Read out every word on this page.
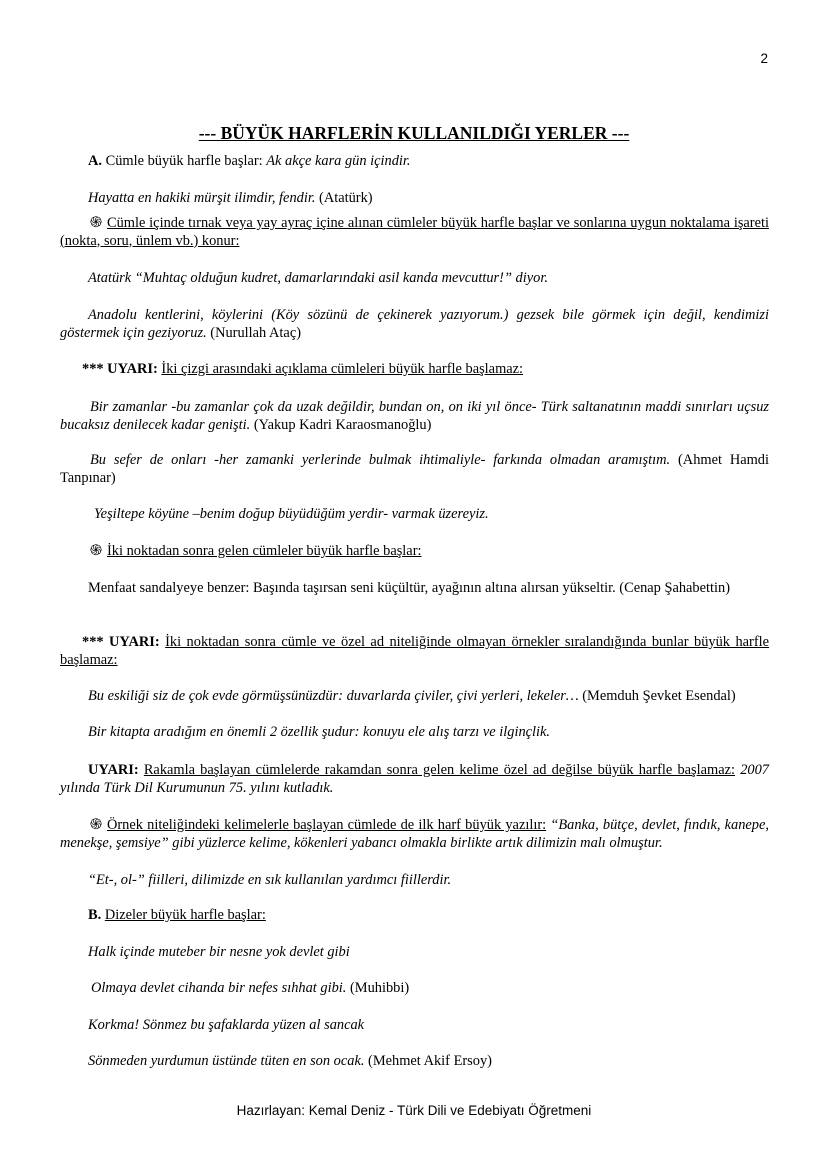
2
--- BÜYÜK HARFLERİN KULLANILDIĞI YERLER ---
A. Cümle büyük harfle başlar: Ak akçe kara gün içindir.
Hayatta en hakiki mürşit ilimdir, fendir. (Atatürk)
֍ Cümle içinde tırnak veya yay ayraç içine alınan cümleler büyük harfle başlar ve sonlarına uygun noktalama işareti (nokta, soru, ünlem vb.) konur:
Atatürk “Muhtaç olduğun kudret, damarlarındaki asil kanda mevcuttur!” diyor.
Anadolu kentlerini, köylerini (Köy sözünü de çekinerek yazıyorum.) gezsek bile görmek için değil, kendimizi göstermek için geziyoruz. (Nurullah Ataç)
*** UYARI: İki çizgi arasındaki açıklama cümleleri büyük harfle başlamaz:
Bir zamanlar -bu zamanlar çok da uzak değildir, bundan on, on iki yıl önce- Türk saltanatının maddi sınırları uçsuz bucaksız denilecek kadar genişti. (Yakup Kadri Karaosmanoğlu)
Bu sefer de onları -her zamanki yerlerinde bulmak ihtimaliyle- farkında olmadan aramıştım. (Ahmet Hamdi Tanpınar)
Yeşiltepe köyüne –benim doğup büyüdüğüm yerdir- varmak üzereyiz.
֍ İki noktadan sonra gelen cümleler büyük harfle başlar:
Menfaat sandalyeye benzer: Başında taşırsan seni küçültür, ayağının altına alırsan yükseltir. (Cenap Şahabettin)
*** UYARI: İki noktadan sonra cümle ve özel ad niteliğinde olmayan örnekler sıralandığında bunlar büyük harfle başlamaz:
Bu eskiliği siz de çok evde görmüşsünüzdür: duvarlarda çiviler, çivi yerleri, lekeler… (Memduh Şevket Esendal)
Bir kitapta aradığım en önemli 2 özellik şudur: konuyu ele alış tarzı ve ilginçlik.
UYARI: Rakamla başlayan cümlelerde rakamdan sonra gelen kelime özel ad değilse büyük harfle başlamaz: 2007 yılında Türk Dil Kurumunun 75. yılını kutladık.
֍ Örnek niteliğindeki kelimelerle başlayan cümlede de ilk harf büyük yazılır: “Banka, bütçe, devlet, fındık, kanepe, menekşe, şemsiye” gibi yüzlerce kelime, kökenleri yabancı olmakla birlikte artık dilimizin malı olmuştur.
“Et-, ol-” fiilleri, dilimizde en sık kullanılan yardımcı fiillerdir.
B. Dizeler büyük harfle başlar:
Halk içinde muteber bir nesne yok devlet gibi
Olmaya devlet cihanda bir nefes sıhhat gibi. (Muhibbi)
Korkma! Sönmez bu şafaklarda yüzen al sancak
Sönmeden yurdumun üstünde tüten en son ocak. (Mehmet Akif Ersoy)
Hazırlayan: Kemal Deniz - Türk Dili ve Edebiyatı Öğretmeni
